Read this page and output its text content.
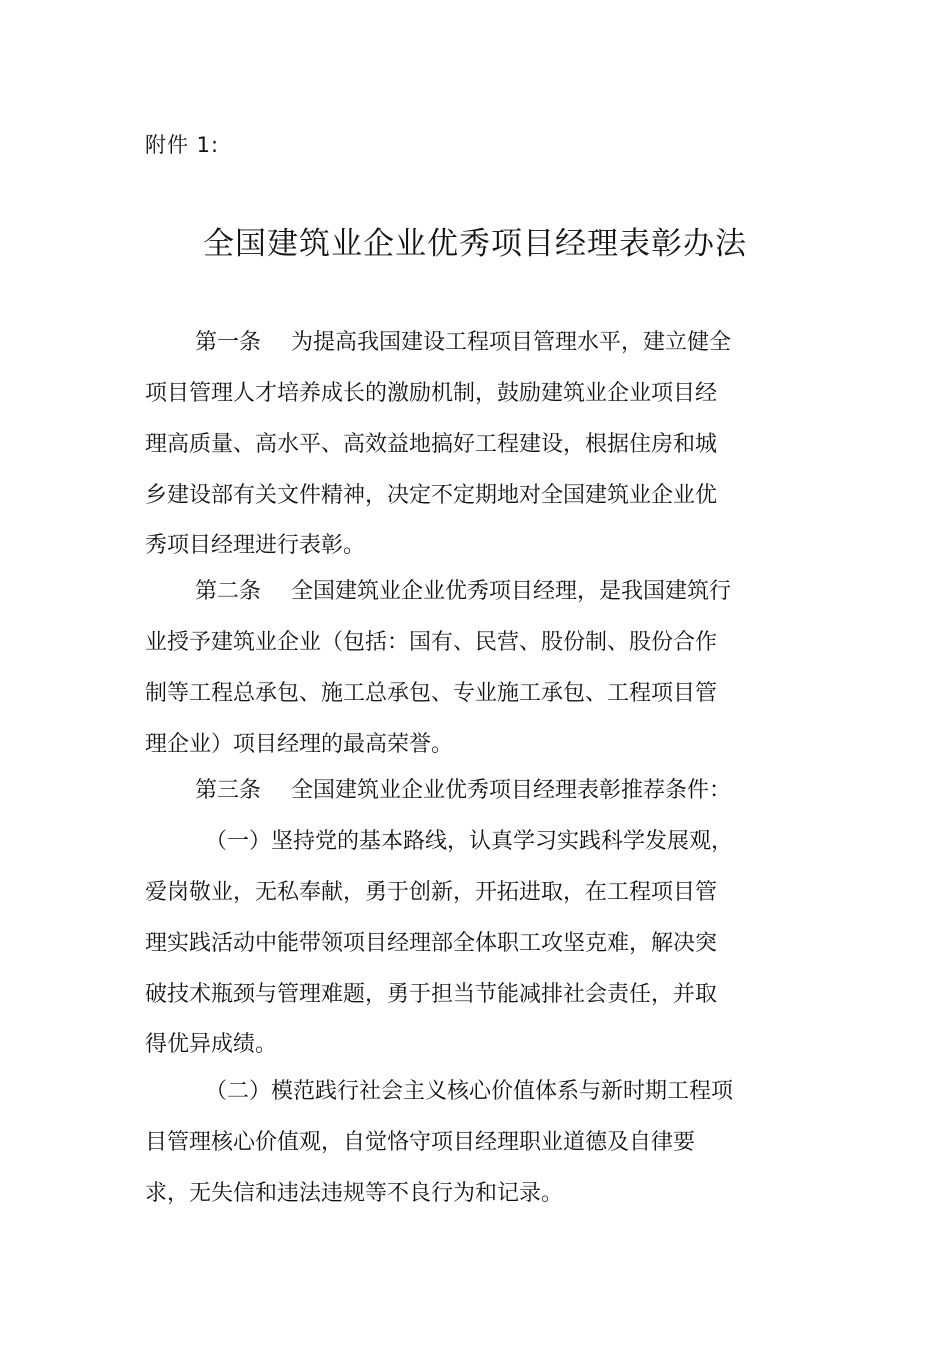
附件 1:
全国建筑业企业优秀项目经理表彰办法
第一条 为提高我国建设工程项目管理水平，建立健全
项目管理人才培养成长的激励机制，鼓励建筑业企业项目经
理高质量、高水平、高效益地搞好工程建设，根据住房和城
乡建设部有关文件精神，决定不定期地对全国建筑业企业优
秀项目经理进行表彰。
第二条 全国建筑业企业优秀项目经理，是我国建筑行
业授予建筑业企业（包括：国有、民营、股份制、股份合作
制等工程总承包、施工总承包、专业施工承包、工程项目管
理企业）项目经理的最高荣誉。
第三条 全国建筑业企业优秀项目经理表彰推荐条件：
（一）坚持党的基本路线，认真学习实践科学发展观，
爱岗敬业，无私奉献，勇于创新，开拓进取，在工程项目管
理实践活动中能带领项目经理部全体职工攻坚克难，解决突
破技术瓶颈与管理难题，勇于担当节能减排社会责任，并取
得优异成绩。
（二）模范践行社会主义核心价值体系与新时期工程项
目管理核心价值观，自觉恪守项目经理职业道德及自律要
求，无失信和违法违规等不良行为和记录。
